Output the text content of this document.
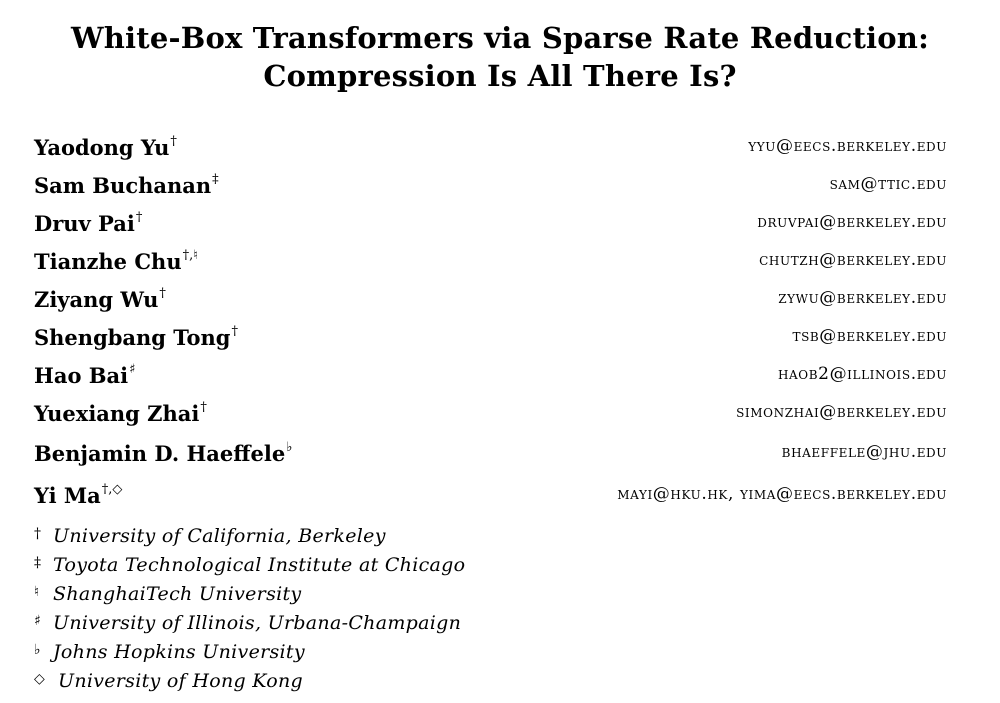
White-Box Transformers via Sparse Rate Reduction:
Compression Is All There Is?
Yaodong Yu†	yyu@eecs.berkeley.edu
Sam Buchanan‡	sam@ttic.edu
Druv Pai†	druvpai@berkeley.edu
Tianzhe Chu†,♮	chutzh@berkeley.edu
Ziyang Wu†	zywu@berkeley.edu
Shengbang Tong†	tsb@berkeley.edu
Hao Bai♯	haob2@illinois.edu
Yuexiang Zhai†	simonzhai@berkeley.edu
Benjamin D. Haeffele♭	bhaeffele@jhu.edu
Yi Ma†,◇	mayi@hku.hk, yima@eecs.berkeley.edu
† University of California, Berkeley
‡ Toyota Technological Institute at Chicago
♮ ShanghaiTech University
♯ University of Illinois, Urbana-Champaign
♭ Johns Hopkins University
◇ University of Hong Kong
